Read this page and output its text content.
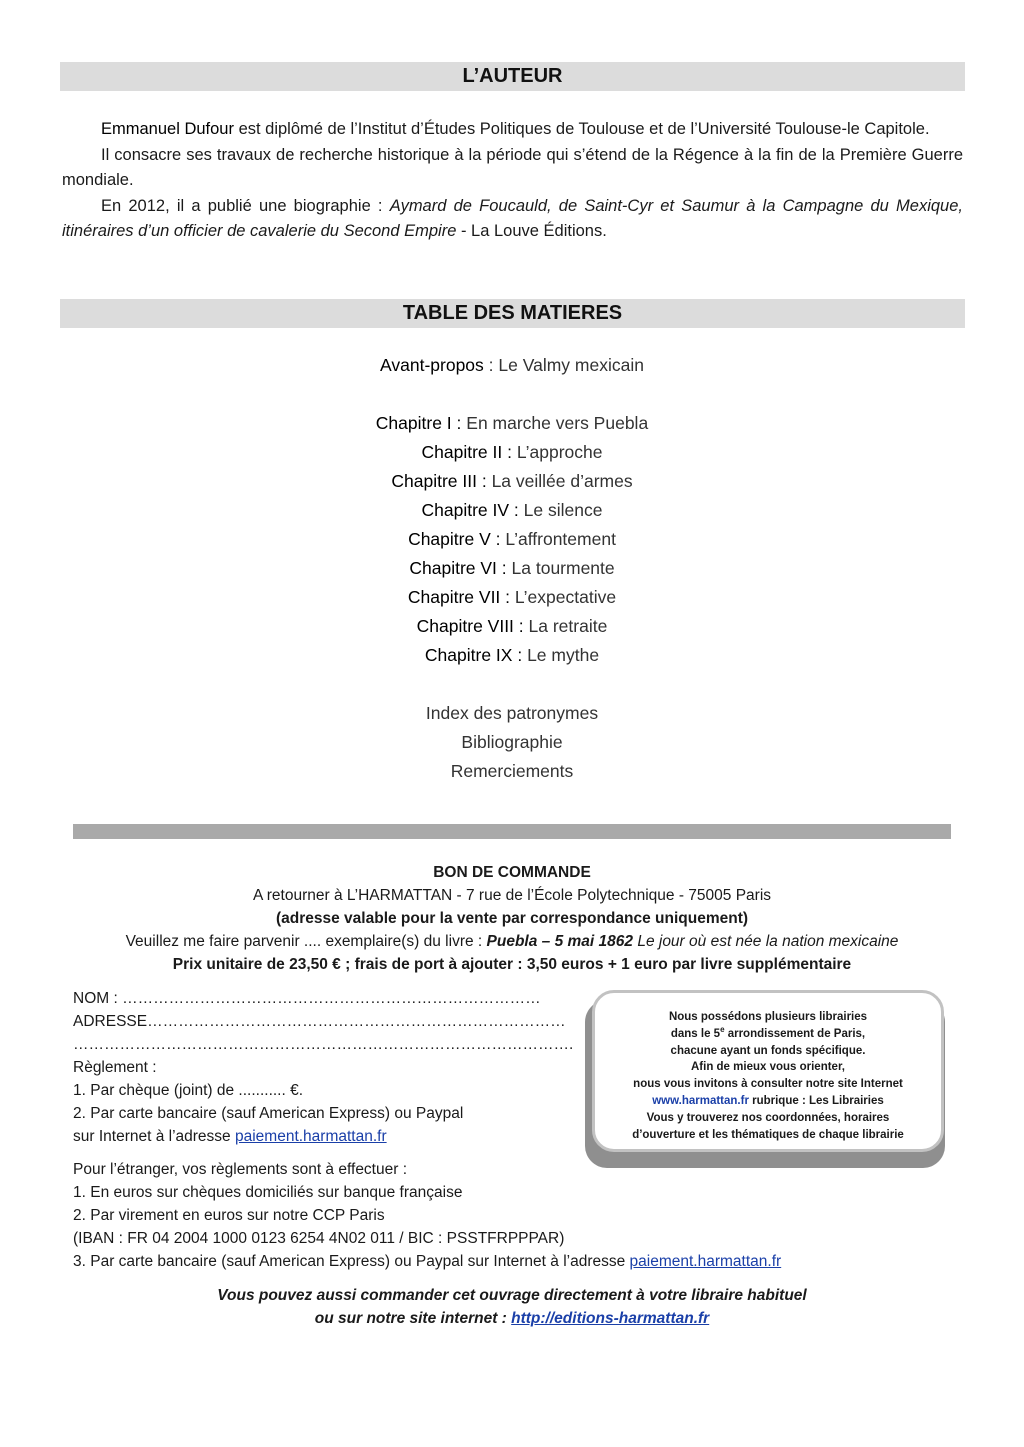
L’AUTEUR

Emmanuel Dufour est diplômé de l’Institut d’Études Politiques de Toulouse et de l’Université Toulouse-le Capitole.

Il consacre ses travaux de recherche historique à la période qui s’étend de la Régence à la fin de la Première Guerre mondiale.

En 2012, il a publié une biographie : Aymard de Foucauld, de Saint-Cyr et Saumur à la Campagne du Mexique, itinéraires d’un officier de cavalerie du Second Empire - La Louve Éditions.

TABLE DES MATIERES
Avant-propos : Le Valmy mexicain
Chapitre I : En marche vers Puebla
Chapitre II : L’approche
Chapitre III : La veillée d’armes
Chapitre IV : Le silence
Chapitre V : L’affrontement
Chapitre VI : La tourmente
Chapitre VII : L’expectative
Chapitre VIII : La retraite
Chapitre IX : Le mythe
Index des patronymes
Bibliographie
Remerciements
BON DE COMMANDE
A retourner à L’HARMATTAN - 7 rue de l’École Polytechnique - 75005 Paris
(adresse valable pour la vente par correspondance uniquement)
Veuillez me faire parvenir .... exemplaire(s) du livre : Puebla – 5 mai 1862 Le jour où est née la nation mexicaine
Prix unitaire de 23,50 € ; frais de port à ajouter : 3,50 euros + 1 euro par livre supplémentaire
NOM : ………………………………………………………………………
ADRESSE………………………………………………………………………
…………………………………………………………………………………….
Règlement :
1. Par chèque (joint) de ........... €.
2. Par carte bancaire (sauf American Express) ou Paypal
sur Internet à l’adresse paiement.harmattan.fr
Nous possédons plusieurs librairies
dans le 5e arrondissement de Paris,
chacune ayant un fonds spécifique.
Afin de mieux vous orienter,
nous vous invitons à consulter notre site Internet
www.harmattan.fr rubrique : Les Librairies
Vous y trouverez nos coordonnées, horaires
d’ouverture et les thématiques de chaque librairie
Pour l’étranger, vos règlements sont à effectuer :
1. En euros sur chèques domiciliés sur banque française
2. Par virement en euros sur notre CCP Paris
(IBAN : FR 04 2004 1000 0123 6254 4N02 011 / BIC : PSSTFRPPPAR)
3. Par carte bancaire (sauf American Express) ou Paypal sur Internet à l’adresse paiement.harmattan.fr
Vous pouvez aussi commander cet ouvrage directement à votre libraire habituel
ou sur notre site internet : http://editions-harmattan.fr
